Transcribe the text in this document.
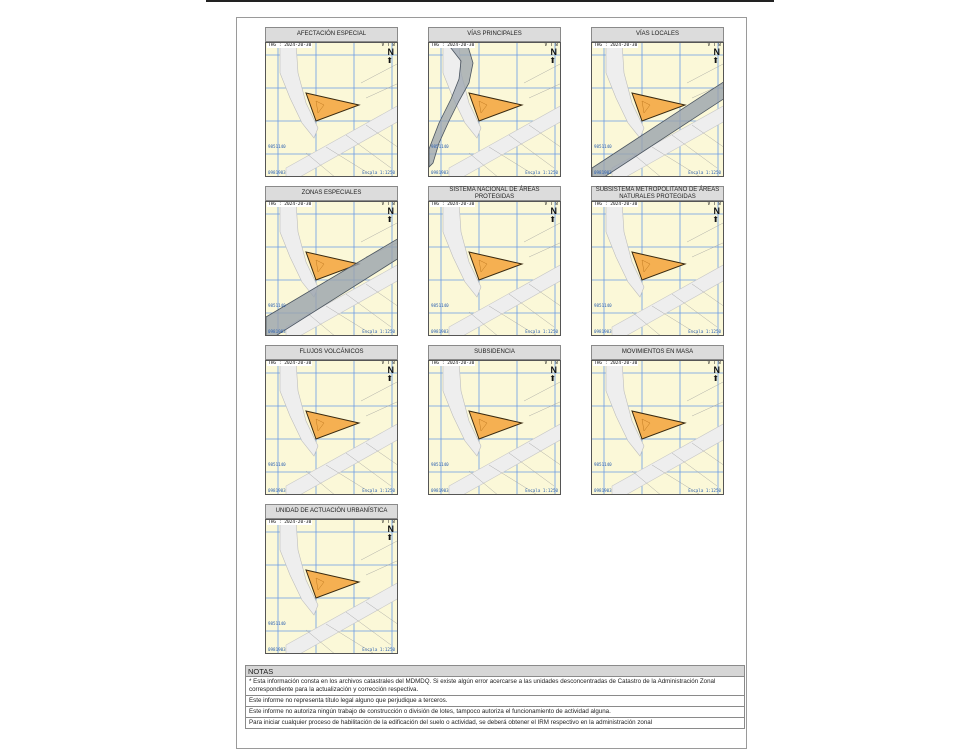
AFECTACIÓN ESPECIAL
THG : 2024-20-30	V T 8
N
⬆
9851140
0981903	Escala 1:1250
VÍAS PRINCIPALES
THG : 2024-20-30	V T 8
N
⬆
9851140
0981903	Escala 1:1250
VÍAS LOCALES
THG : 2024-20-30	V T 8
N
⬆
9851140
0981903	Escala 1:1250
ZONAS ESPECIALES
THG : 2024-20-30	V T 8
N
⬆
9851140
0981903	Escala 1:1250
SISTEMA NACIONAL DE ÁREAS PROTEGIDAS
THG : 2024-20-30	V T 8
N
⬆
9851140
0981903	Escala 1:1250
SUBSISTEMA METROPOLITANO DE ÁREAS NATURALES PROTEGIDAS
THG : 2024-20-30	V T 8
N
⬆
9851140
0981903	Escala 1:1250
FLUJOS VOLCÁNICOS
THG : 2024-20-30	V T 8
N
⬆
9851140
0981903	Escala 1:1250
SUBSIDENCIA
THG : 2024-20-30	V T 8
N
⬆
9851140
0981903	Escala 1:1250
MOVIMIENTOS EN MASA
THG : 2024-20-30	V T 8
N
⬆
9851140
0981903	Escala 1:1250
UNIDAD DE ACTUACIÓN URBANÍSTICA
THG : 2024-20-30	V T 8
N
⬆
9851140
0981903	Escala 1:1250
NOTAS
* Esta información consta en los archivos catastrales del MDMDQ. Si existe algún error acercarse a las unidades desconcentradas de Catastro de la Administración Zonal correspondiente para la actualización y corrección respectiva.
Este informe no representa título legal alguno que perjudique a terceros.
Este informe no autoriza ningún trabajo de construcción o división de lotes, tampoco autoriza el funcionamiento de actividad alguna.
Para iniciar cualquier proceso de habilitación de la edificación del suelo o actividad, se deberá obtener el IRM respectivo en la administración zonal
